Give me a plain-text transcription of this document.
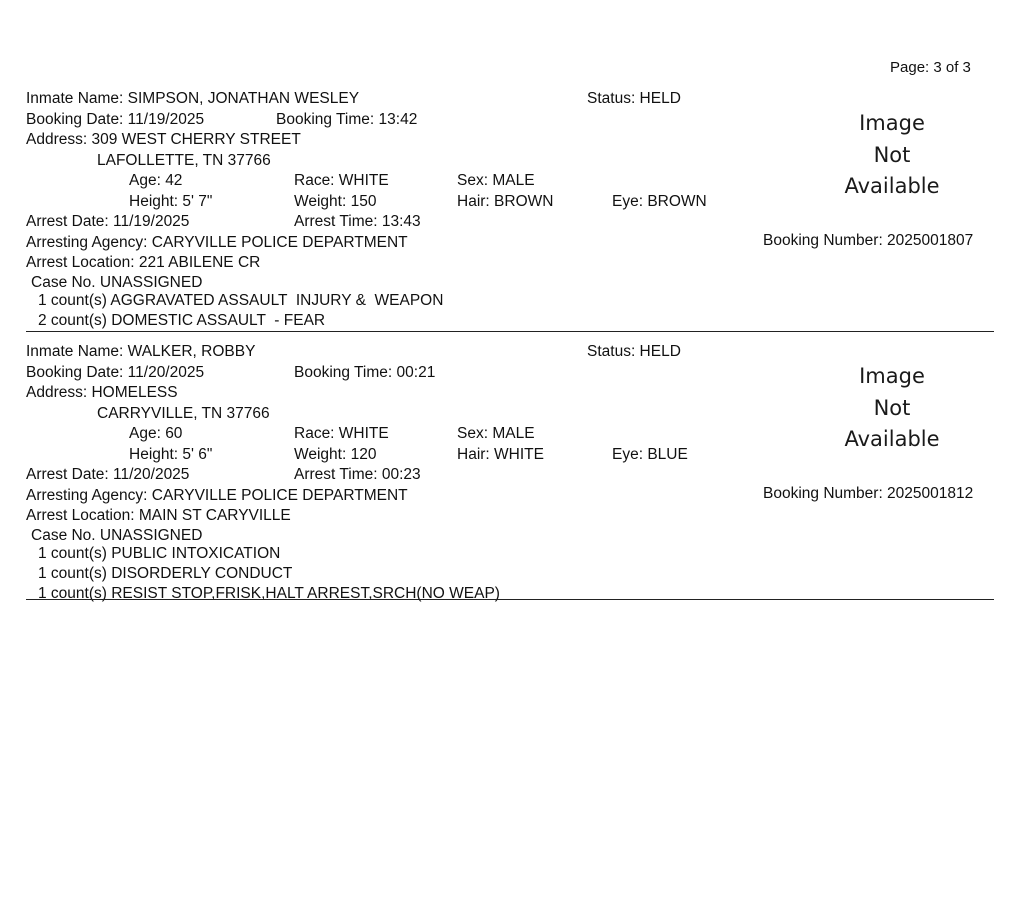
Page: 3 of 3
Inmate Name: SIMPSON, JONATHAN WESLEY	Status: HELD
Booking Date: 11/19/2025	Booking Time: 13:42
Address: 309 WEST CHERRY STREET
LAFOLLETTE, TN 37766
Age: 42	Race: WHITE	Sex: MALE
Height: 5' 7"	Weight: 150	Hair: BROWN	Eye: BROWN
Arrest Date: 11/19/2025	Arrest Time: 13:43
Arresting Agency: CARYVILLE POLICE DEPARTMENT	Booking Number: 2025001807
Arrest Location: 221 ABILENE CR
Case No. UNASSIGNED
1 count(s) AGGRAVATED ASSAULT  INJURY &  WEAPON
2 count(s) DOMESTIC ASSAULT  - FEAR
Image
Not
Available
Inmate Name: WALKER, ROBBY	Status: HELD
Booking Date: 11/20/2025	Booking Time: 00:21
Address: HOMELESS
CARRYVILLE, TN 37766
Age: 60	Race: WHITE	Sex: MALE
Height: 5' 6"	Weight: 120	Hair: WHITE	Eye: BLUE
Arrest Date: 11/20/2025	Arrest Time: 00:23
Arresting Agency: CARYVILLE POLICE DEPARTMENT	Booking Number: 2025001812
Arrest Location: MAIN ST CARYVILLE
Case No. UNASSIGNED
1 count(s) PUBLIC INTOXICATION
1 count(s) DISORDERLY CONDUCT
1 count(s) RESIST STOP,FRISK,HALT ARREST,SRCH(NO WEAP)
Image
Not
Available
